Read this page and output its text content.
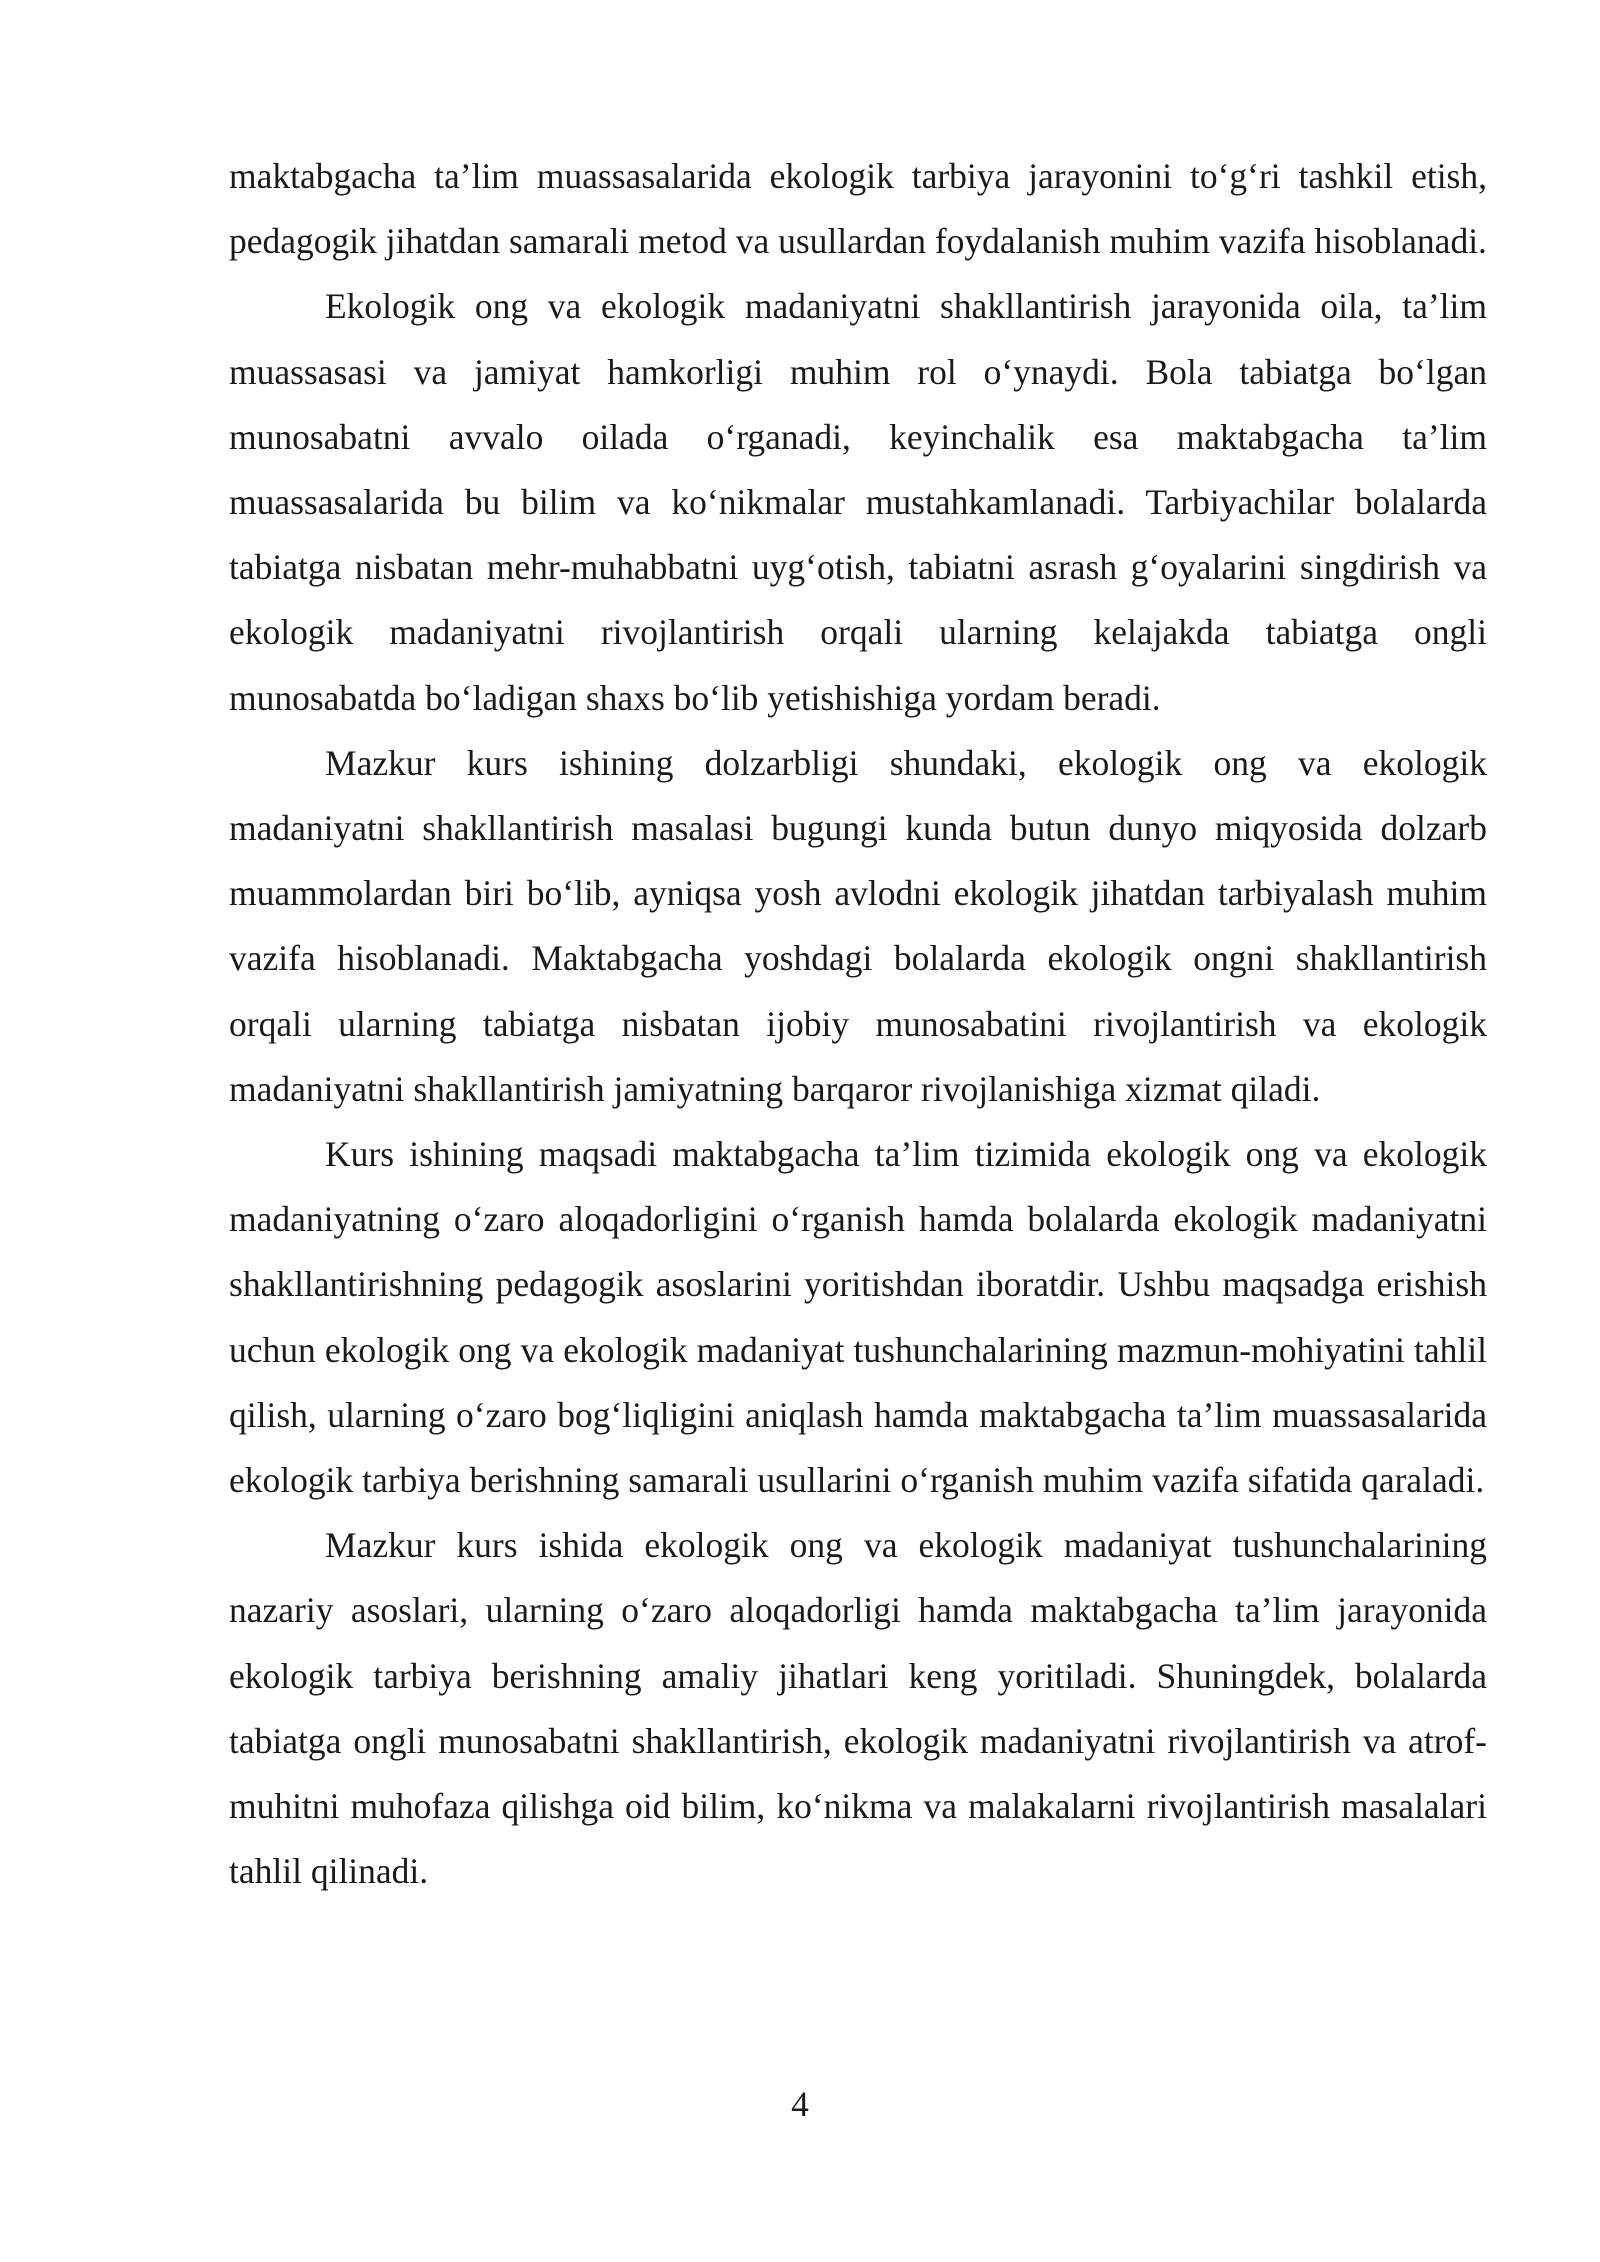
maktabgacha ta’lim muassasalarida ekologik tarbiya jarayonini to‘g‘ri tashkil etish, pedagogik jihatdan samarali metod va usullardan foydalanish muhim vazifa hisoblanadi.

Ekologik ong va ekologik madaniyatni shakllantirish jarayonida oila, ta’lim muassasasi va jamiyat hamkorligi muhim rol o‘ynaydi. Bola tabiatga bo‘lgan munosabatni avvalo oilada o‘rganadi, keyinchalik esa maktabgacha ta’lim muassasalarida bu bilim va ko‘nikmalar mustahkamlanadi. Tarbiyachilar bolalarda tabiatga nisbatan mehr-muhabbatni uyg‘otish, tabiatni asrash g‘oyalarini singdirish va ekologik madaniyatni rivojlantirish orqali ularning kelajakda tabiatga ongli munosabatda bo‘ladigan shaxs bo‘lib yetishishiga yordam beradi.

Mazkur kurs ishining dolzarbligi shundaki, ekologik ong va ekologik madaniyatni shakllantirish masalasi bugungi kunda butun dunyo miqyosida dolzarb muammolardan biri bo‘lib, ayniqsa yosh avlodni ekologik jihatdan tarbiyalash muhim vazifa hisoblanadi. Maktabgacha yoshdagi bolalarda ekologik ongni shakllantirish orqali ularning tabiatga nisbatan ijobiy munosabatini rivojlantirish va ekologik madaniyatni shakllantirish jamiyatning barqaror rivojlanishiga xizmat qiladi.

Kurs ishining maqsadi maktabgacha ta’lim tizimida ekologik ong va ekologik madaniyatning o‘zaro aloqadorligini o‘rganish hamda bolalarda ekologik madaniyatni shakllantirishning pedagogik asoslarini yoritishdan iboratdir. Ushbu maqsadga erishish uchun ekologik ong va ekologik madaniyat tushunchalarining mazmun-mohiyatini tahlil qilish, ularning o‘zaro bog‘liqligini aniqlash hamda maktabgacha ta’lim muassasalarida ekologik tarbiya berishning samarali usullarini o‘rganish muhim vazifa sifatida qaraladi.

Mazkur kurs ishida ekologik ong va ekologik madaniyat tushunchalarining nazariy asoslari, ularning o‘zaro aloqadorligi hamda maktabgacha ta’lim jarayonida ekologik tarbiya berishning amaliy jihatlari keng yoritiladi. Shuningdek, bolalarda tabiatga ongli munosabatni shakllantirish, ekologik madaniyatni rivojlantirish va atrof-muhitni muhofaza qilishga oid bilim, ko‘nikma va malakalarni rivojlantirish masalalari tahlil qilinadi.

4
